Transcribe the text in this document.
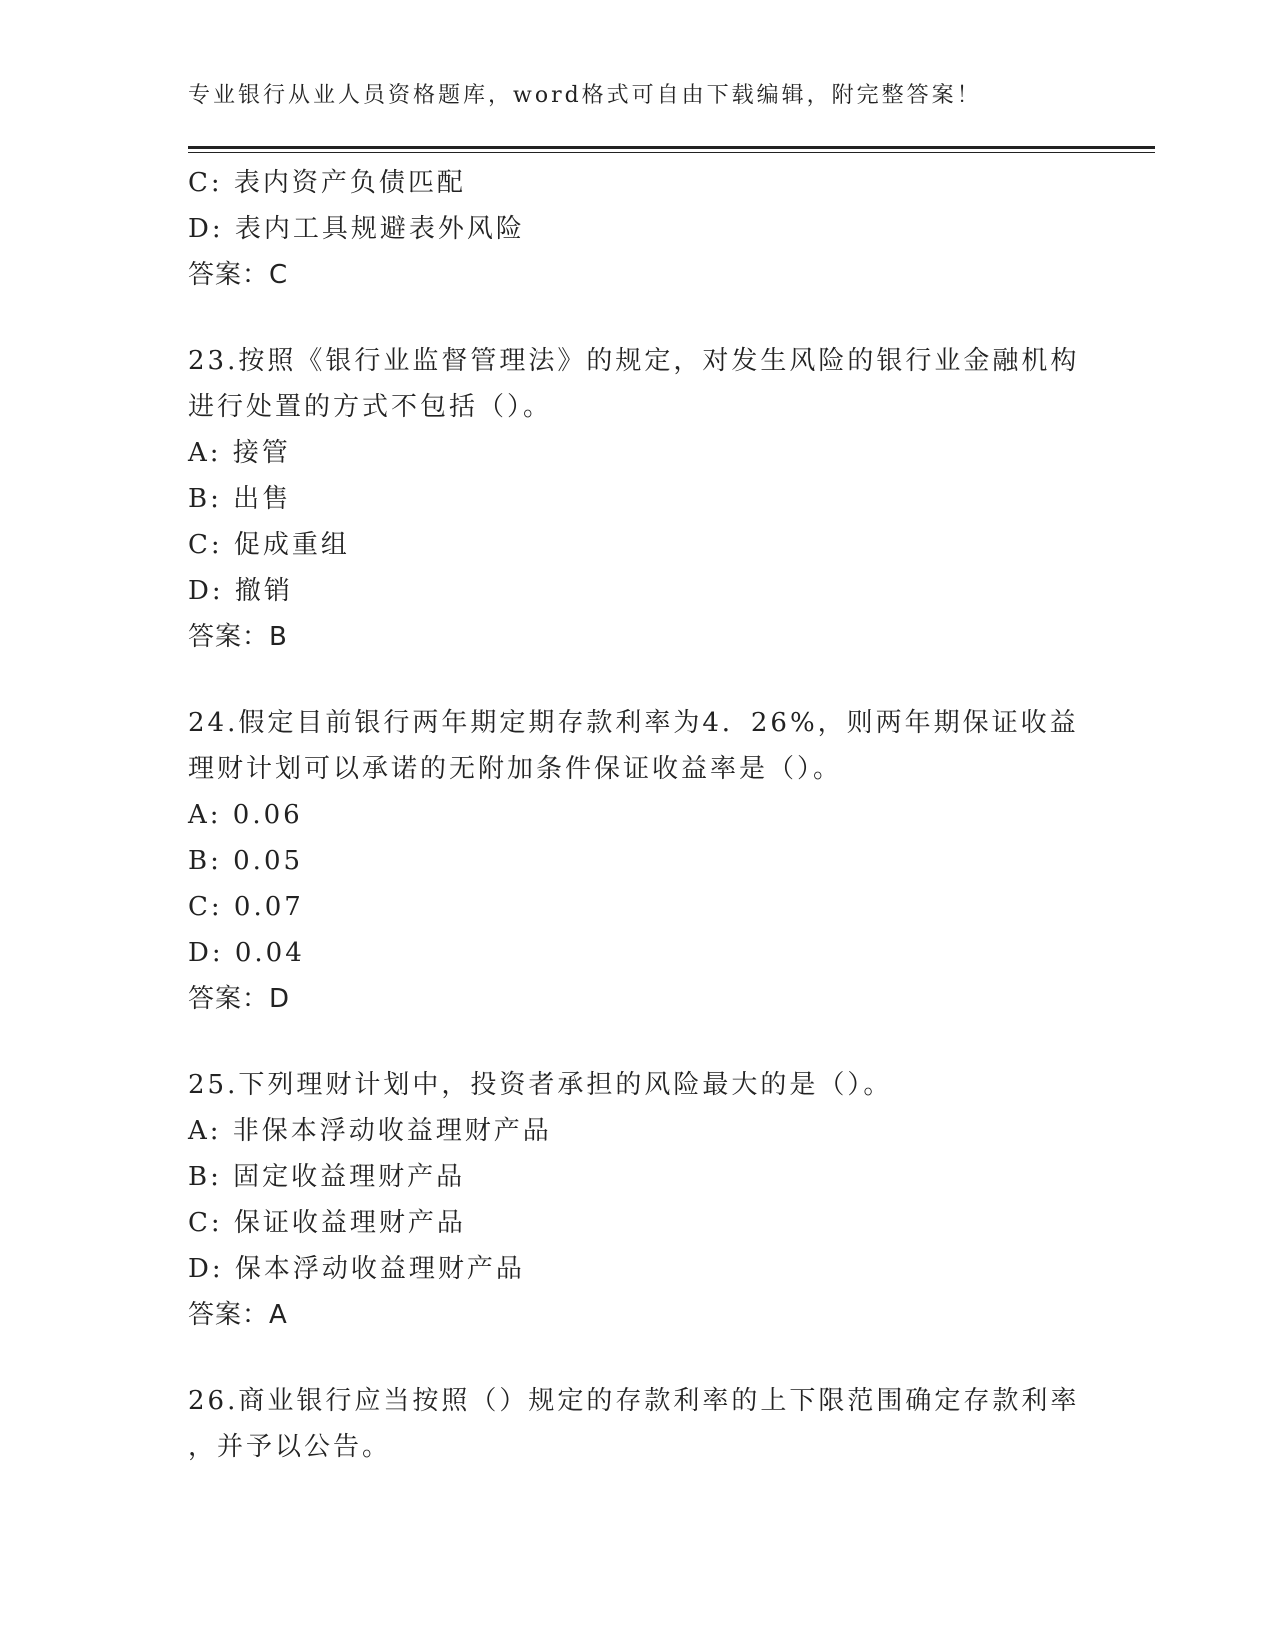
专业银行从业人员资格题库，word格式可自由下载编辑，附完整答案！
C: 表内资产负债匹配
D: 表内工具规避表外风险
答案：C
23.按照《银行业监督管理法》的规定，对发生风险的银行业金融机构
进行处置的方式不包括（）。
A: 接管
B: 出售
C: 促成重组
D: 撤销
答案：B
24.假定目前银行两年期定期存款利率为4．26%，则两年期保证收益
理财计划可以承诺的无附加条件保证收益率是（）。
A: 0.06
B: 0.05
C: 0.07
D: 0.04
答案：D
25.下列理财计划中，投资者承担的风险最大的是（）。
A: 非保本浮动收益理财产品
B: 固定收益理财产品
C: 保证收益理财产品
D: 保本浮动收益理财产品
答案：A
26.商业银行应当按照（）规定的存款利率的上下限范围确定存款利率
，并予以公告。
